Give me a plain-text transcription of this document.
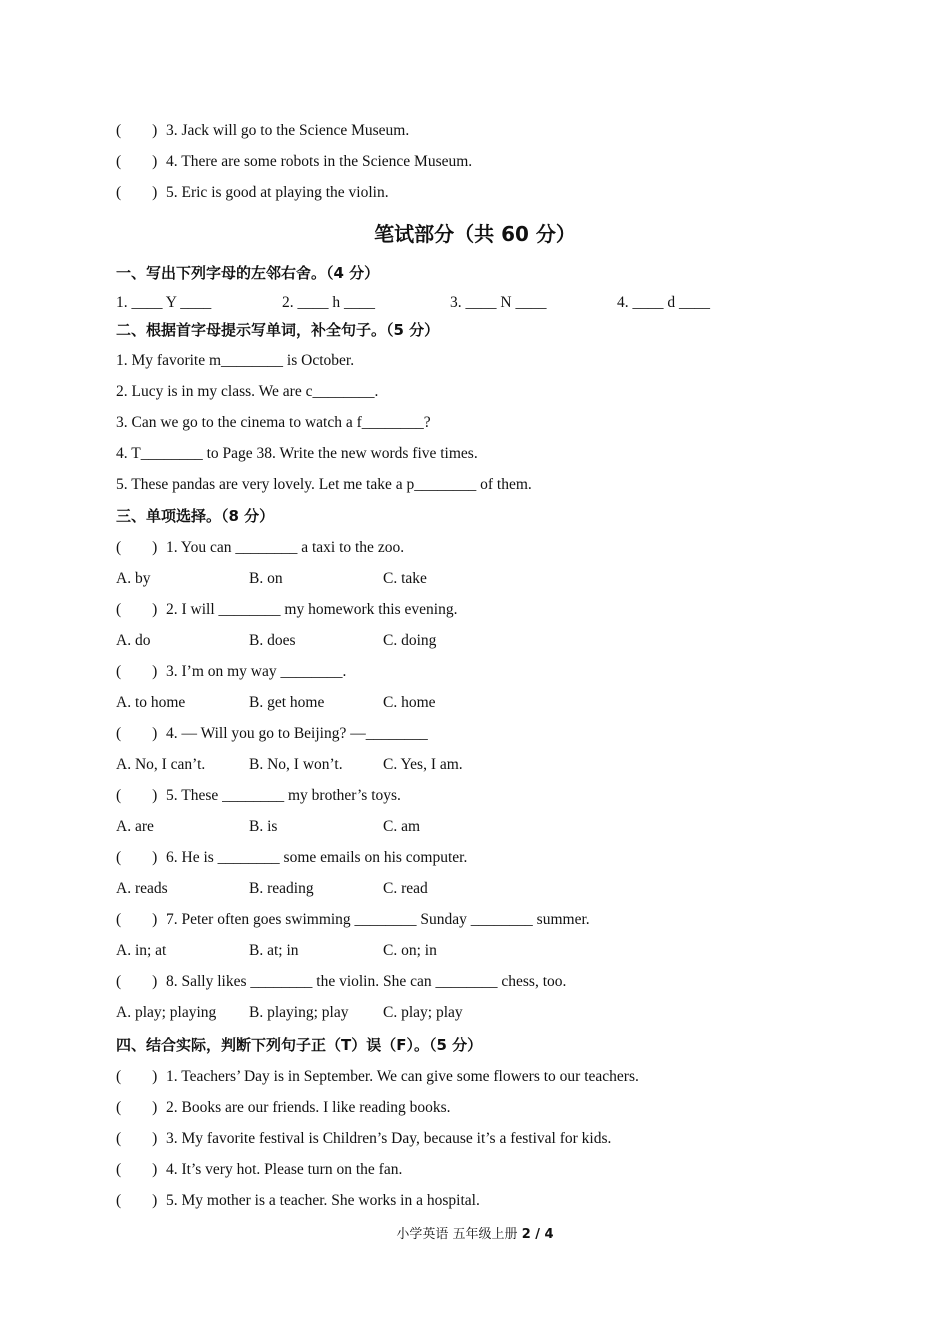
(　　) 3. Jack will go to the Science Museum.
(　　) 4. There are some robots in the Science Museum.
(　　) 5. Eric is good at playing the violin.
笔试部分（共 60 分）
一、写出下列字母的左邻右舍。（4 分）

1. ____ Y ____

	2. ____ h ____

	3. ____ N ____

	4. ____ d ____

二、根据首字母提示写单词，补全句子。（5 分）
1. My favorite m________ is October.
2. Lucy is in my class. We are c________.
3. Can we go to the cinema to watch a f________?
4. T________ to Page 38. Write the new words five times.
5. These pandas are very lovely. Let me take a p________ of them.
三、单项选择。（8 分）
(　　) 1. You can ________ a taxi to the zoo.

A. by

	B. on

	C. take

(　　) 2. I will ________ my homework this evening.

A. do

	B. does

	C. doing

(　　) 3. I’m on my way ________.

A. to home

	B. get home

	C. home

(　　) 4. — Will you go to Beijing? —________

A. No, I can’t.

	B. No, I won’t.

	C. Yes, I am.

(　　) 5. These ________ my brother’s toys.

A. are

	B. is

	C. am

(　　) 6. He is ________ some emails on his computer.

A. reads

	B. reading

	C. read

(　　) 7. Peter often goes swimming ________ Sunday ________ summer.

A. in; at

	B. at; in

	C. on; in

(　　) 8. Sally likes ________ the violin. She can ________ chess, too.

A. play; playing

B. playing; play

C. play; play

四、结合实际，判断下列句子正（T）误（F）。（5 分）
(　　) 1. Teachers’ Day is in September. We can give some flowers to our teachers.
(　　) 2. Books are our friends. I like reading books.
(　　) 3. My favorite festival is Children’s Day, because it’s a festival for kids.
(　　) 4. It’s very hot. Please turn on the fan.
(　　) 5. My mother is a teacher. She works in a hospital.
小学英语 五年级上册 2 / 4
